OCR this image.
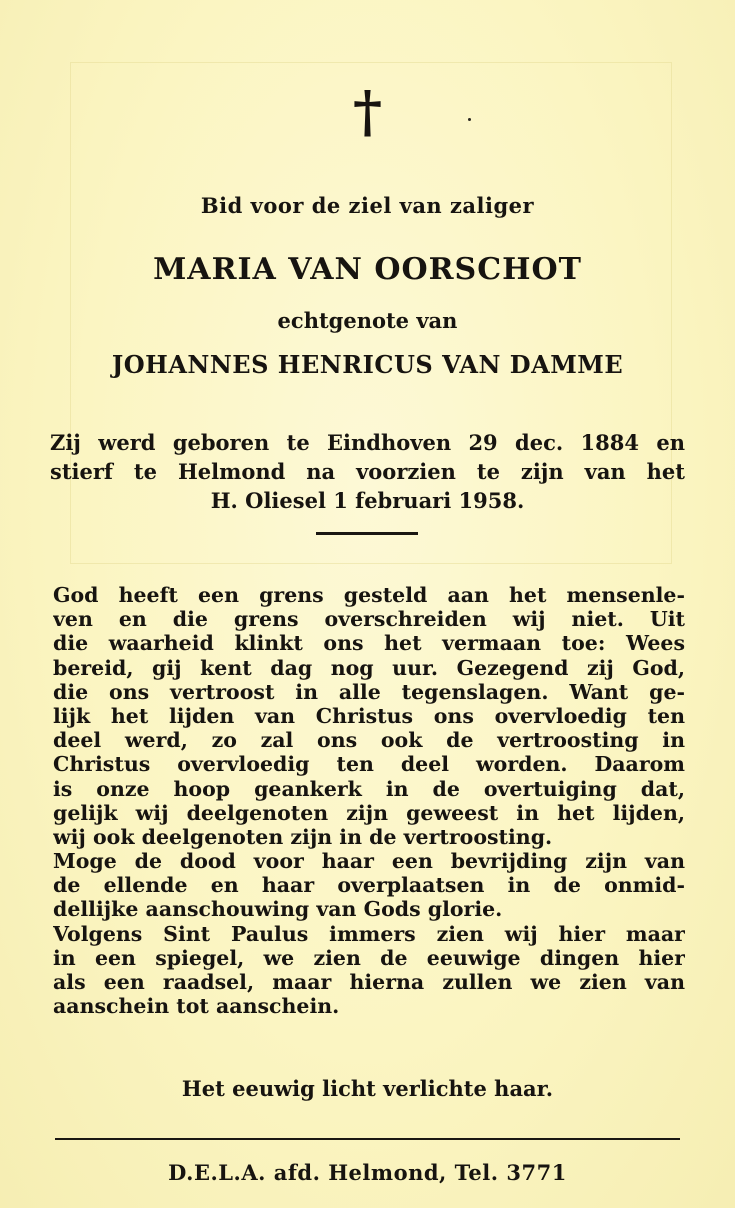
†
Bid voor de ziel van zaliger
MARIA VAN OORSCHOT
echtgenote van
JOHANNES HENRICUS VAN DAMME
Zij werd geboren te Eindhoven 29 dec. 1884 en
stierf te Helmond na voorzien te zijn van het
H. Oliesel 1 februari 1958.
God heeft een grens gesteld aan het mensenle-
ven en die grens overschreiden wij niet. Uit
die waarheid klinkt ons het vermaan toe: Wees
bereid, gij kent dag nog uur. Gezegend zij God,
die ons vertroost in alle tegenslagen. Want ge-
lijk het lijden van Christus ons overvloedig ten
deel werd, zo zal ons ook de vertroosting in
Christus overvloedig ten deel worden. Daarom
is onze hoop geankerk in de overtuiging dat,
gelijk wij deelgenoten zijn geweest in het lijden,
wij ook deelgenoten zijn in de vertroosting.
Moge de dood voor haar een bevrijding zijn van
de ellende en haar overplaatsen in de onmid-
dellijke aanschouwing van Gods glorie.
Volgens Sint Paulus immers zien wij hier maar
in een spiegel, we zien de eeuwige dingen hier
als een raadsel, maar hierna zullen we zien van
aanschein tot aanschein.
Het eeuwig licht verlichte haar.
D.E.L.A. afd. Helmond, Tel. 3771
